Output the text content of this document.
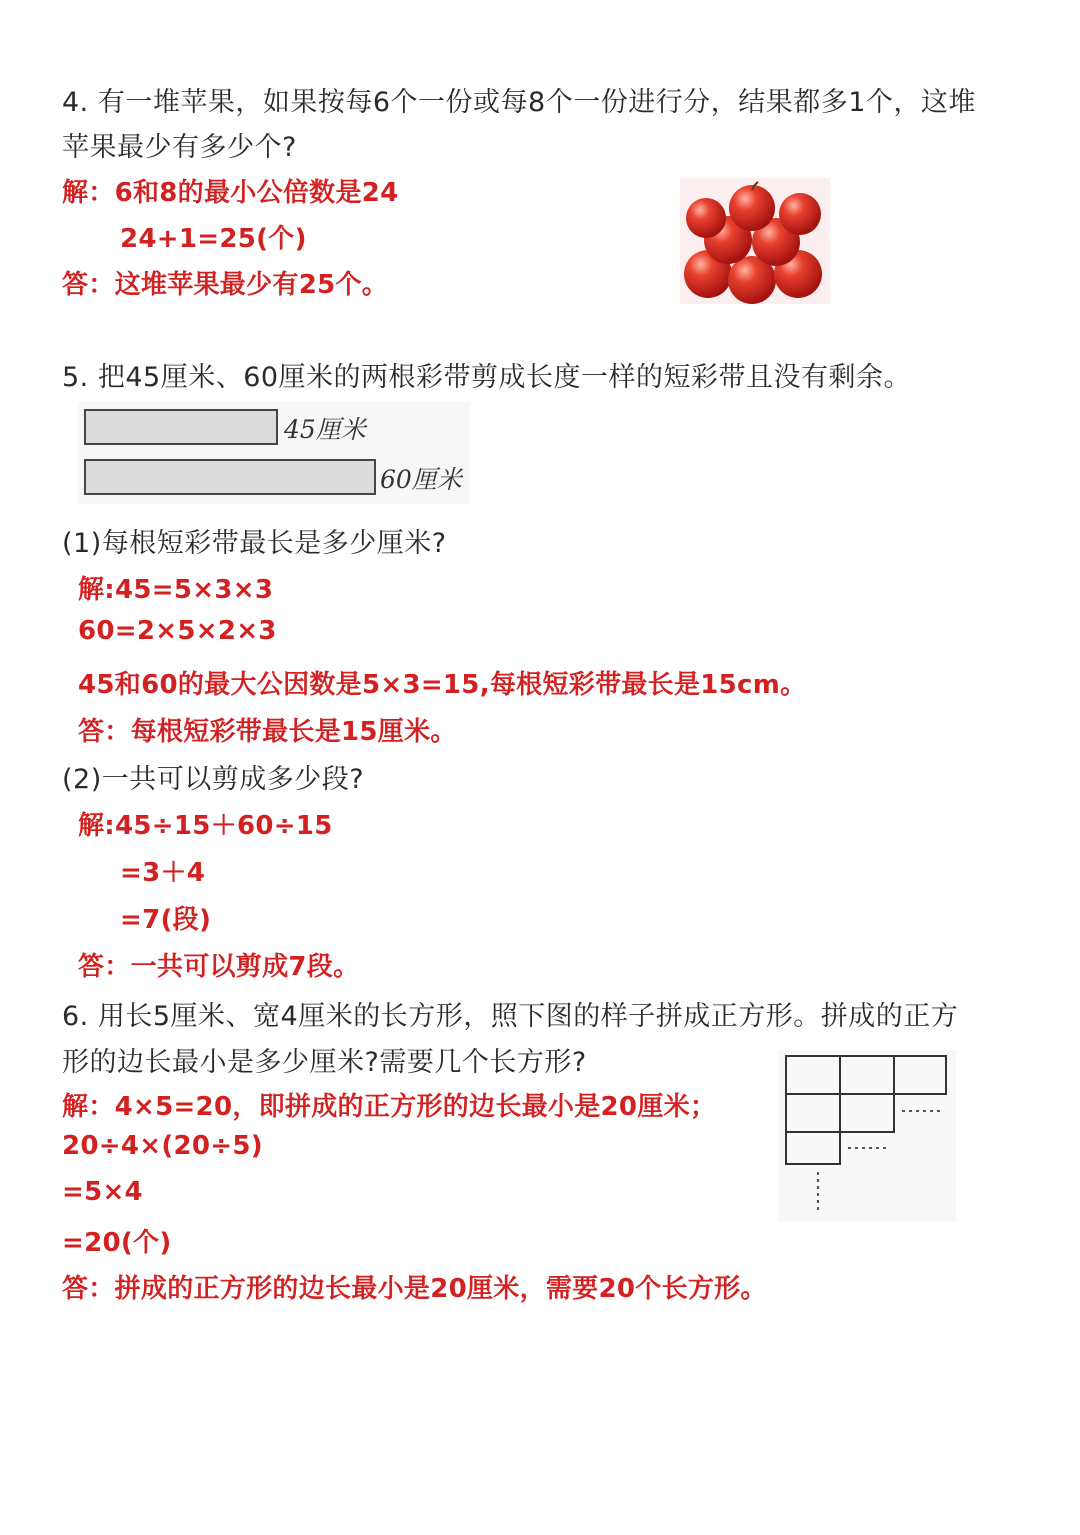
4. 有一堆苹果，如果按每6个一份或每8个一份进行分，结果都多1个，这堆
苹果最少有多少个?
解：6和8的最小公倍数是24
24+1=25(个)
答：这堆苹果最少有25个。
5. 把45厘米、60厘米的两根彩带剪成长度一样的短彩带且没有剩余。
45厘米
60厘米
(1)每根短彩带最长是多少厘米?
解:45=5×3×3
60=2×5×2×3
45和60的最大公因数是5×3=15,每根短彩带最长是15cm。
答：每根短彩带最长是15厘米。
(2)一共可以剪成多少段?
解:45÷15＋60÷15
=3＋4
=7(段)
答：一共可以剪成7段。
6. 用长5厘米、宽4厘米的长方形，照下图的样子拼成正方形。拼成的正方
形的边长最小是多少厘米?需要几个长方形?
解：4×5=20，即拼成的正方形的边长最小是20厘米；
20÷4×(20÷5)
=5×4
=20(个)
答：拼成的正方形的边长最小是20厘米，需要20个长方形。
